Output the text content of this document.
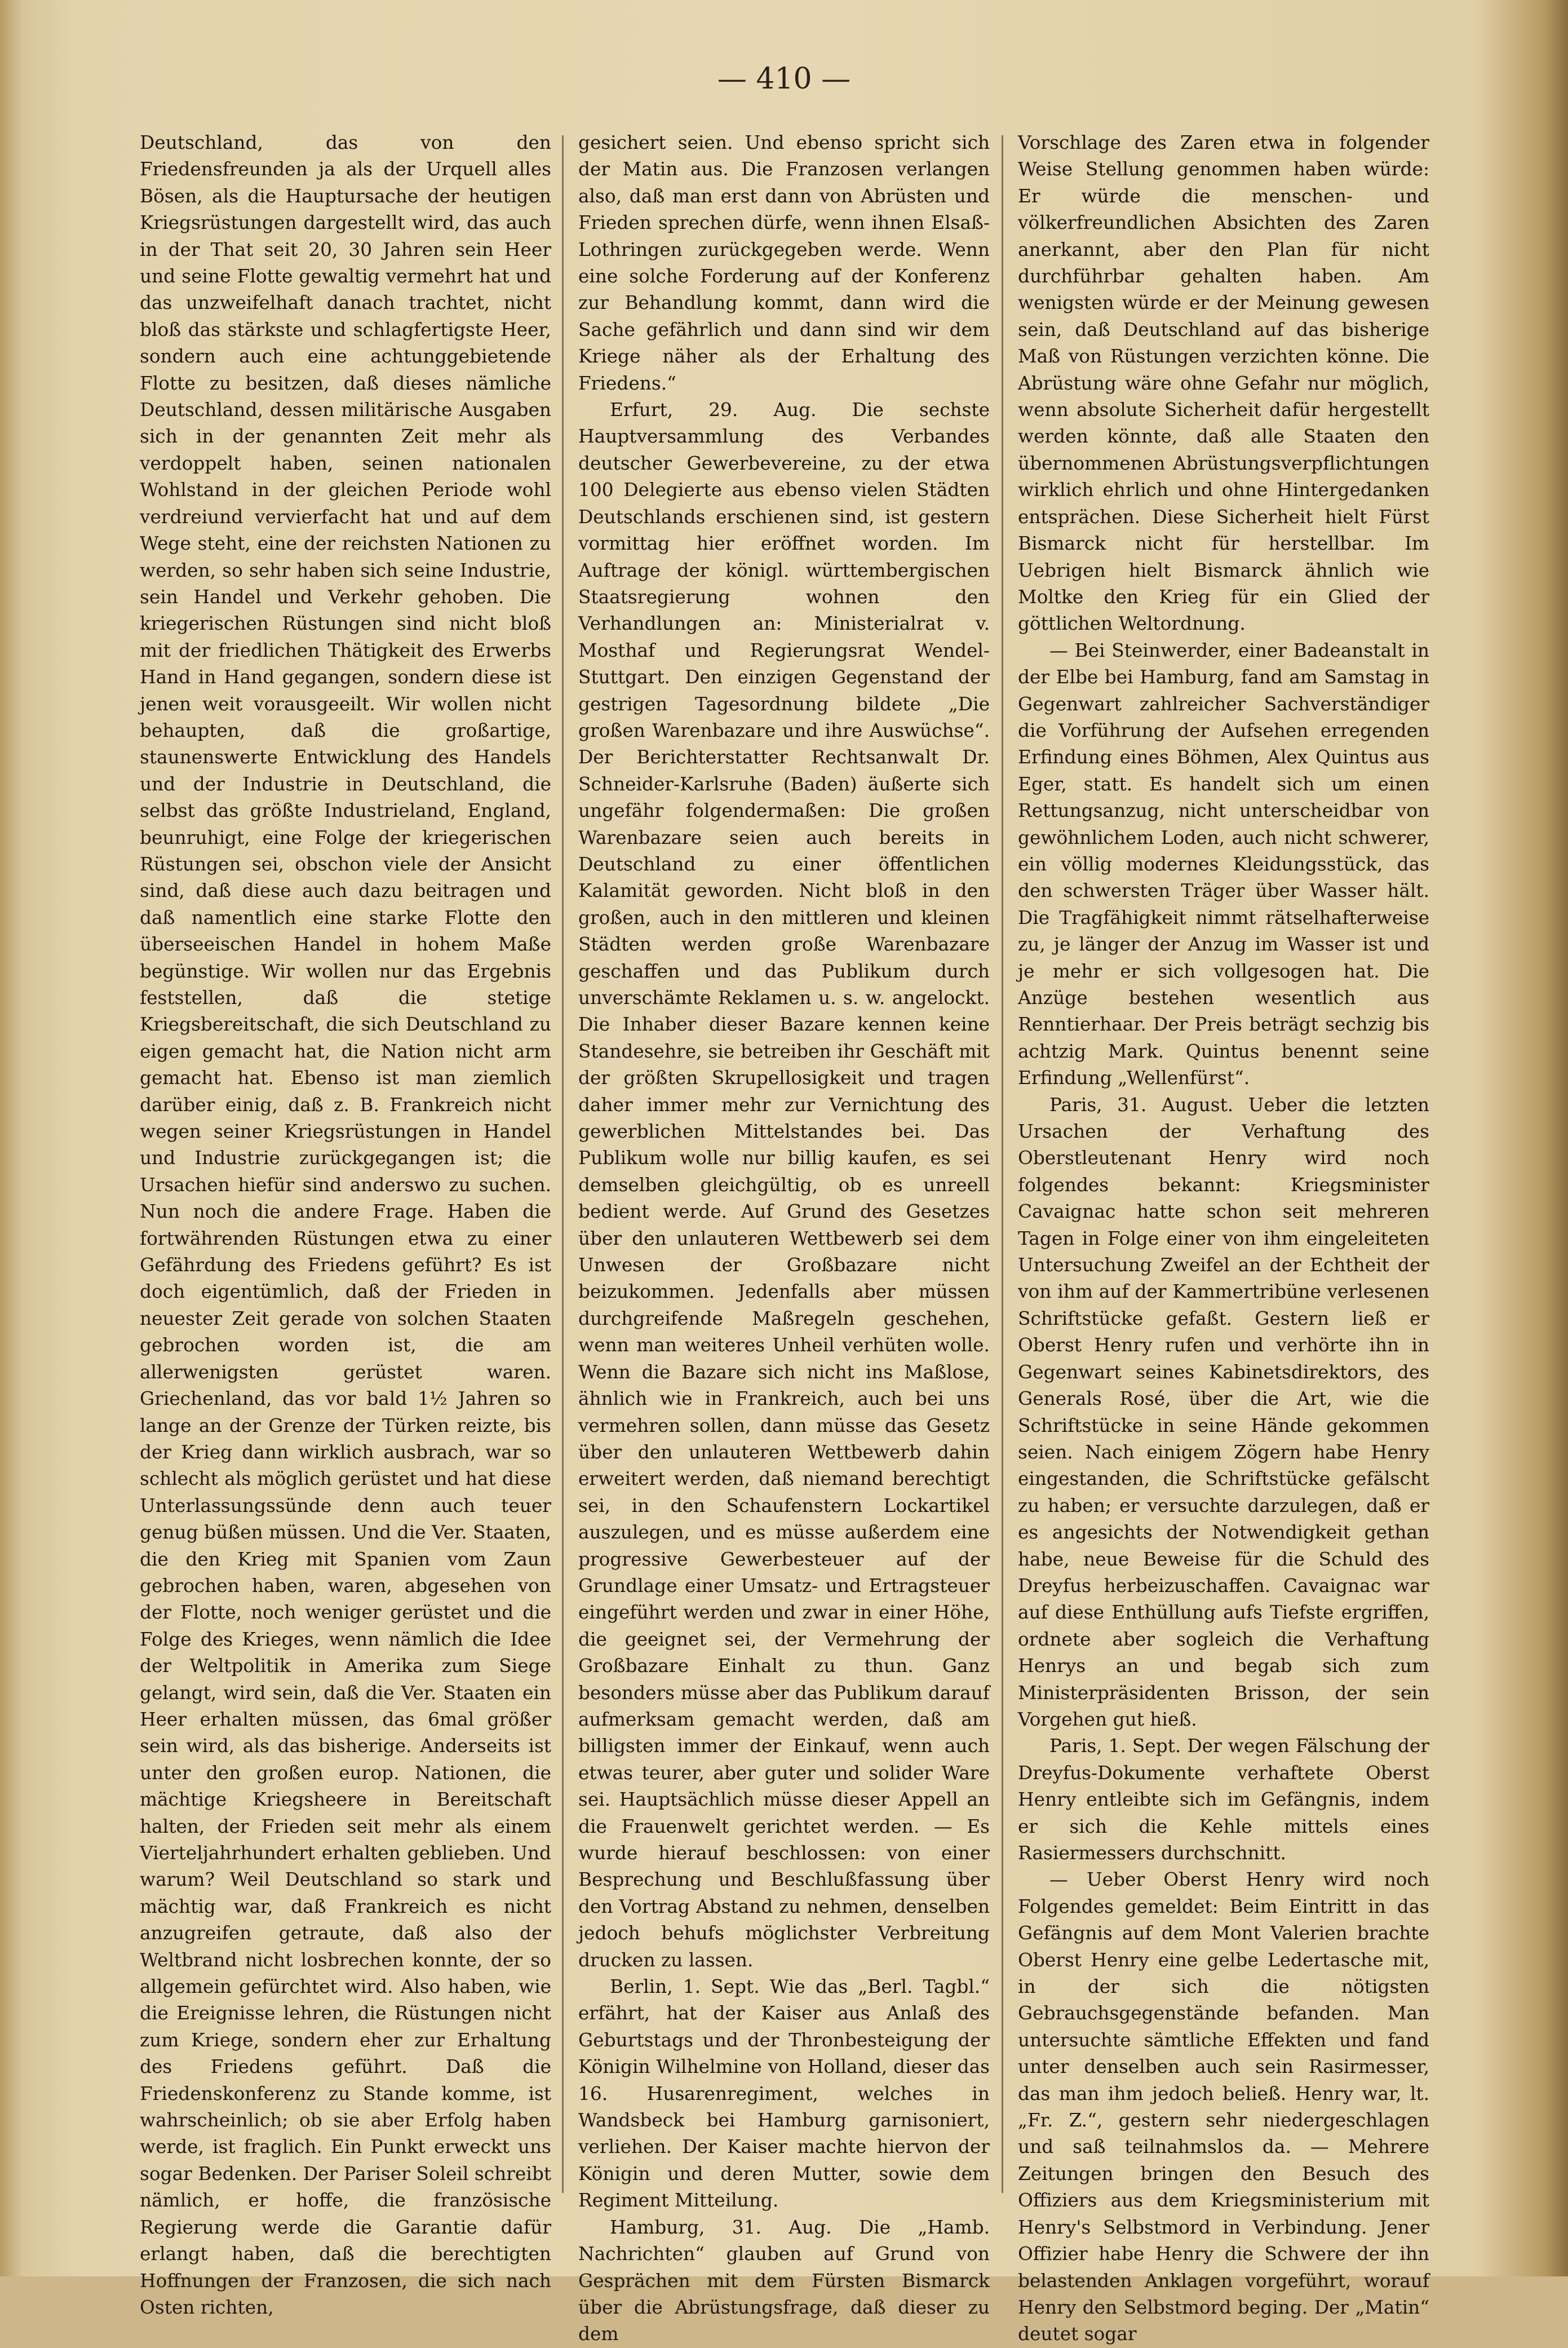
— 410 —

Deutschland, das von den Friedensfreunden ja als der Urquell alles Bösen, als die Hauptursache der heutigen Kriegsrüstungen dargestellt wird, das auch in der That seit 20, 30 Jahren sein Heer und seine Flotte gewaltig vermehrt hat und das unzweifelhaft danach trachtet, nicht bloß das stärkste und schlagfertigste Heer, sondern auch eine achtunggebietende Flotte zu besitzen, daß dieses nämliche Deutschland, dessen militärische Ausgaben sich in der genannten Zeit mehr als verdoppelt haben, seinen nationalen Wohlstand in der gleichen Periode wohl verdreiund vervierfacht hat und auf dem Wege steht, eine der reichsten Nationen zu werden, so sehr haben sich seine Industrie, sein Handel und Verkehr gehoben. Die kriegerischen Rüstungen sind nicht bloß mit der friedlichen Thätigkeit des Erwerbs Hand in Hand gegangen, sondern diese ist jenen weit vorausgeeilt. Wir wollen nicht behaupten, daß die großartige, staunenswerte Entwicklung des Handels und der Industrie in Deutschland, die selbst das größte Industrieland, England, beunruhigt, eine Folge der kriegerischen Rüstungen sei, obschon viele der Ansicht sind, daß diese auch dazu beitragen und daß namentlich eine starke Flotte den überseeischen Handel in hohem Maße begünstige. Wir wollen nur das Ergebnis feststellen, daß die stetige Kriegsbereitschaft, die sich Deutschland zu eigen gemacht hat, die Nation nicht arm gemacht hat. Ebenso ist man ziemlich darüber einig, daß z. B. Frankreich nicht wegen seiner Kriegsrüstungen in Handel und Industrie zurückgegangen ist; die Ursachen hiefür sind anderswo zu suchen. Nun noch die andere Frage. Haben die fortwährenden Rüstungen etwa zu einer Gefährdung des Friedens geführt? Es ist doch eigentümlich, daß der Frieden in neuester Zeit gerade von solchen Staaten gebrochen worden ist, die am allerwenigsten gerüstet waren. Griechenland, das vor bald 1½ Jahren so lange an der Grenze der Türken reizte, bis der Krieg dann wirklich ausbrach, war so schlecht als möglich gerüstet und hat diese Unterlassungssünde denn auch teuer genug büßen müssen. Und die Ver. Staaten, die den Krieg mit Spanien vom Zaun gebrochen haben, waren, abgesehen von der Flotte, noch weniger gerüstet und die Folge des Krieges, wenn nämlich die Idee der Weltpolitik in Amerika zum Siege gelangt, wird sein, daß die Ver. Staaten ein Heer erhalten müssen, das 6mal größer sein wird, als das bisherige. Anderseits ist unter den großen europ. Nationen, die mächtige Kriegsheere in Bereitschaft halten, der Frieden seit mehr als einem Vierteljahrhundert erhalten geblieben. Und warum? Weil Deutschland so stark und mächtig war, daß Frankreich es nicht anzugreifen getraute, daß also der Weltbrand nicht losbrechen konnte, der so allgemein gefürchtet wird. Also haben, wie die Ereignisse lehren, die Rüstungen nicht zum Kriege, sondern eher zur Erhaltung des Friedens geführt. Daß die Friedenskonferenz zu Stande komme, ist wahrscheinlich; ob sie aber Erfolg haben werde, ist fraglich. Ein Punkt erweckt uns sogar Bedenken. Der Pariser Soleil schreibt nämlich, er hoffe, die französische Regierung werde die Garantie dafür erlangt haben, daß die berechtigten Hoffnungen der Franzosen, die sich nach Osten richten,

gesichert seien. Und ebenso spricht sich der Matin aus. Die Franzosen verlangen also, daß man erst dann von Abrüsten und Frieden sprechen dürfe, wenn ihnen Elsaß-Lothringen zurückgegeben werde. Wenn eine solche Forderung auf der Konferenz zur Behandlung kommt, dann wird die Sache gefährlich und dann sind wir dem Kriege näher als der Erhaltung des Friedens.“

Erfurt, 29. Aug. Die sechste Hauptversammlung des Verbandes deutscher Gewerbevereine, zu der etwa 100 Delegierte aus ebenso vielen Städten Deutschlands erschienen sind, ist gestern vormittag hier eröffnet worden. Im Auftrage der königl. württembergischen Staatsregierung wohnen den Verhandlungen an: Ministerialrat v. Mosthaf und Regierungsrat Wendel-Stuttgart. Den einzigen Gegenstand der gestrigen Tagesordnung bildete „Die großen Warenbazare und ihre Auswüchse“. Der Berichterstatter Rechtsanwalt Dr. Schneider-Karlsruhe (Baden) äußerte sich ungefähr folgendermaßen: Die großen Warenbazare seien auch bereits in Deutschland zu einer öffentlichen Kalamität geworden. Nicht bloß in den großen, auch in den mittleren und kleinen Städten werden große Warenbazare geschaffen und das Publikum durch unverschämte Reklamen u. s. w. angelockt. Die Inhaber dieser Bazare kennen keine Standesehre, sie betreiben ihr Geschäft mit der größten Skrupellosigkeit und tragen daher immer mehr zur Vernichtung des gewerblichen Mittelstandes bei. Das Publikum wolle nur billig kaufen, es sei demselben gleichgültig, ob es unreell bedient werde. Auf Grund des Gesetzes über den unlauteren Wettbewerb sei dem Unwesen der Großbazare nicht beizukommen. Jedenfalls aber müssen durchgreifende Maßregeln geschehen, wenn man weiteres Unheil verhüten wolle. Wenn die Bazare sich nicht ins Maßlose, ähnlich wie in Frankreich, auch bei uns vermehren sollen, dann müsse das Gesetz über den unlauteren Wettbewerb dahin erweitert werden, daß niemand berechtigt sei, in den Schaufenstern Lockartikel auszulegen, und es müsse außerdem eine progressive Gewerbesteuer auf der Grundlage einer Umsatz- und Ertragsteuer eingeführt werden und zwar in einer Höhe, die geeignet sei, der Vermehrung der Großbazare Einhalt zu thun. Ganz besonders müsse aber das Publikum darauf aufmerksam gemacht werden, daß am billigsten immer der Einkauf, wenn auch etwas teurer, aber guter und solider Ware sei. Hauptsächlich müsse dieser Appell an die Frauenwelt gerichtet werden. — Es wurde hierauf beschlossen: von einer Besprechung und Beschlußfassung über den Vortrag Abstand zu nehmen, denselben jedoch behufs möglichster Verbreitung drucken zu lassen.

Berlin, 1. Sept. Wie das „Berl. Tagbl.“ erfährt, hat der Kaiser aus Anlaß des Geburtstags und der Thronbesteigung der Königin Wilhelmine von Holland, dieser das 16. Husarenregiment, welches in Wandsbeck bei Hamburg garnisoniert, verliehen. Der Kaiser machte hiervon der Königin und deren Mutter, sowie dem Regiment Mitteilung.

Hamburg, 31. Aug. Die „Hamb. Nachrichten“ glauben auf Grund von Gesprächen mit dem Fürsten Bismarck über die Abrüstungsfrage, daß dieser zu dem

Vorschlage des Zaren etwa in folgender Weise Stellung genommen haben würde: Er würde die menschen- und völkerfreundlichen Absichten des Zaren anerkannt, aber den Plan für nicht durchführbar gehalten haben. Am wenigsten würde er der Meinung gewesen sein, daß Deutschland auf das bisherige Maß von Rüstungen verzichten könne. Die Abrüstung wäre ohne Gefahr nur möglich, wenn absolute Sicherheit dafür hergestellt werden könnte, daß alle Staaten den übernommenen Abrüstungsverpflichtungen wirklich ehrlich und ohne Hintergedanken entsprächen. Diese Sicherheit hielt Fürst Bismarck nicht für herstellbar. Im Uebrigen hielt Bismarck ähnlich wie Moltke den Krieg für ein Glied der göttlichen Weltordnung.

— Bei Steinwerder, einer Badeanstalt in der Elbe bei Hamburg, fand am Samstag in Gegenwart zahlreicher Sachverständiger die Vorführung der Aufsehen erregenden Erfindung eines Böhmen, Alex Quintus aus Eger, statt. Es handelt sich um einen Rettungsanzug, nicht unterscheidbar von gewöhnlichem Loden, auch nicht schwerer, ein völlig modernes Kleidungsstück, das den schwersten Träger über Wasser hält. Die Tragfähigkeit nimmt rätselhafterweise zu, je länger der Anzug im Wasser ist und je mehr er sich vollgesogen hat. Die Anzüge bestehen wesentlich aus Renntierhaar. Der Preis beträgt sechzig bis achtzig Mark. Quintus benennt seine Erfindung „Wellenfürst“.

Paris, 31. August. Ueber die letzten Ursachen der Verhaftung des Oberstleutenant Henry wird noch folgendes bekannt: Kriegsminister Cavaignac hatte schon seit mehreren Tagen in Folge einer von ihm eingeleiteten Untersuchung Zweifel an der Echtheit der von ihm auf der Kammertribüne verlesenen Schriftstücke gefaßt. Gestern ließ er Oberst Henry rufen und verhörte ihn in Gegenwart seines Kabinetsdirektors, des Generals Rosé, über die Art, wie die Schriftstücke in seine Hände gekommen seien. Nach einigem Zögern habe Henry eingestanden, die Schriftstücke gefälscht zu haben; er versuchte darzulegen, daß er es angesichts der Notwendigkeit gethan habe, neue Beweise für die Schuld des Dreyfus herbeizuschaffen. Cavaignac war auf diese Enthüllung aufs Tiefste ergriffen, ordnete aber sogleich die Verhaftung Henrys an und begab sich zum Ministerpräsidenten Brisson, der sein Vorgehen gut hieß.

Paris, 1. Sept. Der wegen Fälschung der Dreyfus-Dokumente verhaftete Oberst Henry entleibte sich im Gefängnis, indem er sich die Kehle mittels eines Rasiermessers durchschnitt.

— Ueber Oberst Henry wird noch Folgendes gemeldet: Beim Eintritt in das Gefängnis auf dem Mont Valerien brachte Oberst Henry eine gelbe Ledertasche mit, in der sich die nötigsten Gebrauchsgegenstände befanden. Man untersuchte sämtliche Effekten und fand unter denselben auch sein Rasirmesser, das man ihm jedoch beließ. Henry war, lt. „Fr. Z.“, gestern sehr niedergeschlagen und saß teilnahmslos da. — Mehrere Zeitungen bringen den Besuch des Offiziers aus dem Kriegsministerium mit Henry's Selbstmord in Verbindung. Jener Offizier habe Henry die Schwere der ihn belastenden Anklagen vorgeführt, worauf Henry den Selbstmord beging. Der „Matin“ deutet sogar
